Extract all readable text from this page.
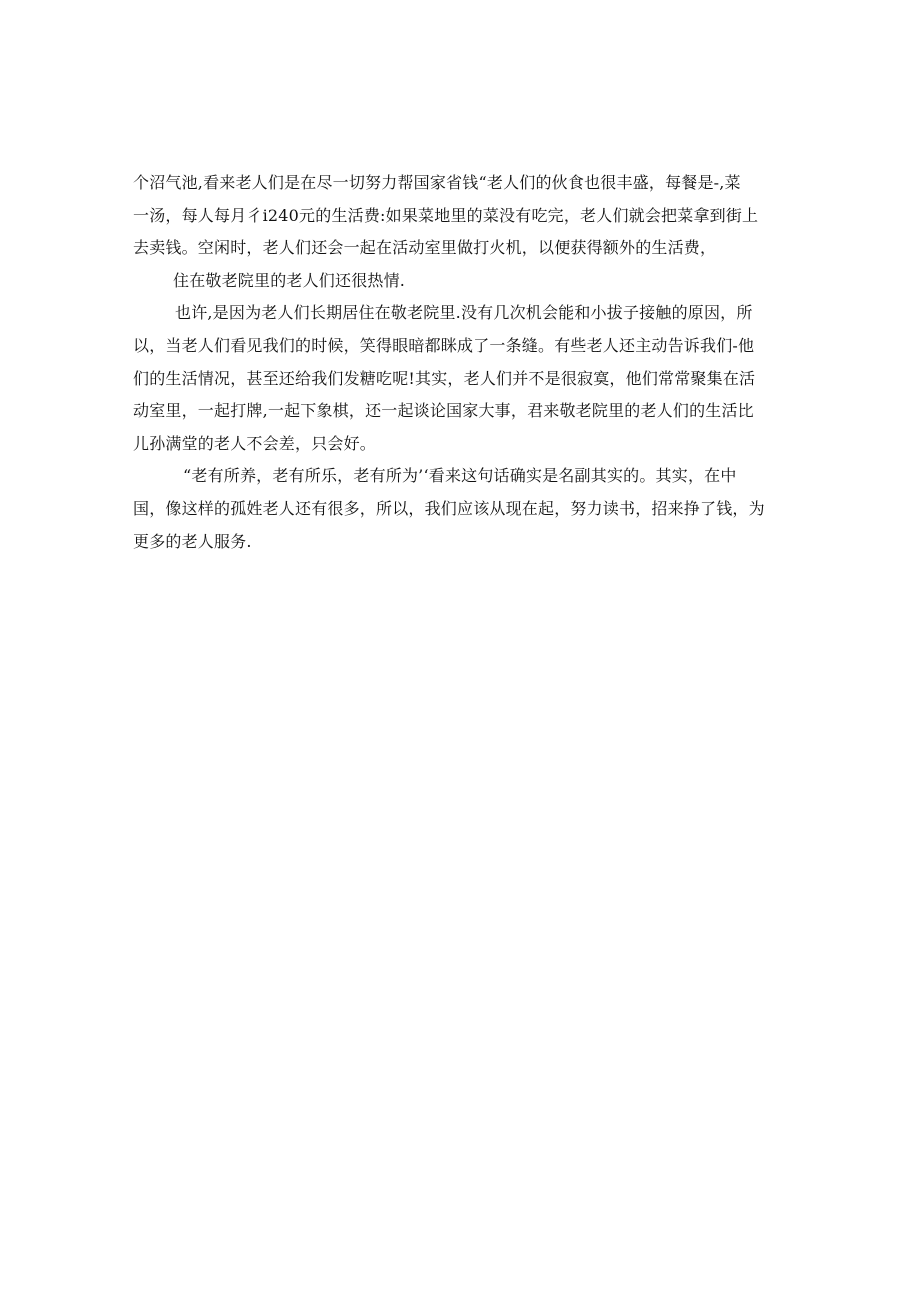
个沼气池,看来老人们是在尽一切努力帮国家省钱“老人们的伙食也很丰盛，每餐是-,菜
一汤，每人每月彳i240元的生活费:如果菜地里的菜没有吃完，老人们就会把菜拿到街上
去卖钱。空闲时，老人们还会一起在活动室里做打火机，以便获得额外的生活费，
住在敬老院里的老人们还很热情.
也许,是因为老人们长期居住在敬老院里.没有几次机会能和小拔子接触的原因，所
以，当老人们看见我们的时候，笑得眼暗都眯成了一条缝。有些老人还主动告诉我们-他
们的生活情况，甚至还给我们发糖吃呢!其实，老人们并不是很寂寞，他们常常聚集在活
动室里，一起打牌,一起下象棋，还一起谈论国家大事，君来敬老院里的老人们的生活比
儿孙满堂的老人不会差，只会好。
“老有所养，老有所乐，老有所为’‘看来这句话确实是名副其实的。其实，在中
国，像这样的孤姓老人还有很多，所以，我们应该从现在起，努力读书，招来挣了钱，为
更多的老人服务.
